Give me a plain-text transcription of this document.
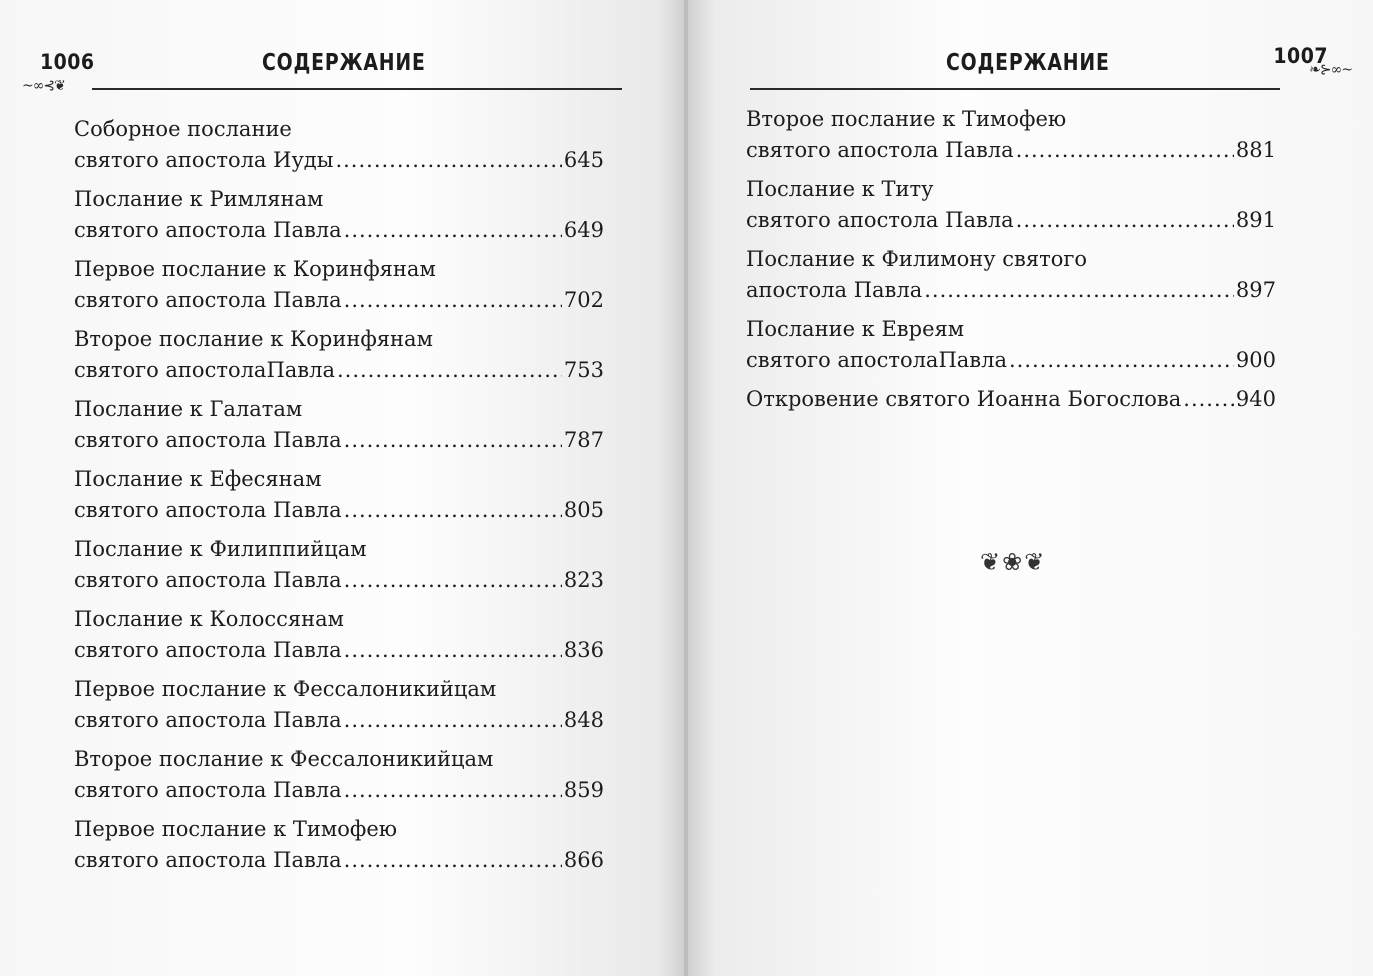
~∞⊰❦
1006	СОДЕРЖАНИЕ
Соборное послание
святого апостола Иуды .....	645
Послание к Римлянам
святого апостола Павла .....	649
Первое послание к Коринфянам
святого апостола Павла .....	702
Второе послание к Коринфянам
святого апостолаПавла .....	753
Послание к Галатам
святого апостола Павла .....	787
Послание к Ефесянам
святого апостола Павла .....	805
Послание к Филиппийцам
святого апостола Павла .....	823
Послание к Колоссянам
святого апостола Павла .....	836
Первое послание к Фессалоникийцам
святого апостола Павла .....	848
Второе послание к Фессалоникийцам
святого апостола Павла .....	859
Первое послание к Тимофею
святого апостола Павла .....	866
СОДЕРЖАНИЕ	1007
❧⊱∞~
Второе послание к Тимофею
святого апостола Павла .....	881
Послание к Титу
святого апостола Павла .....	891
Послание к Филимону святого
апостола Павла .....	897
Послание к Евреям
святого апостолаПавла .....	900
Откровение святого Иоанна Богослова .....	940
❦❀❦
